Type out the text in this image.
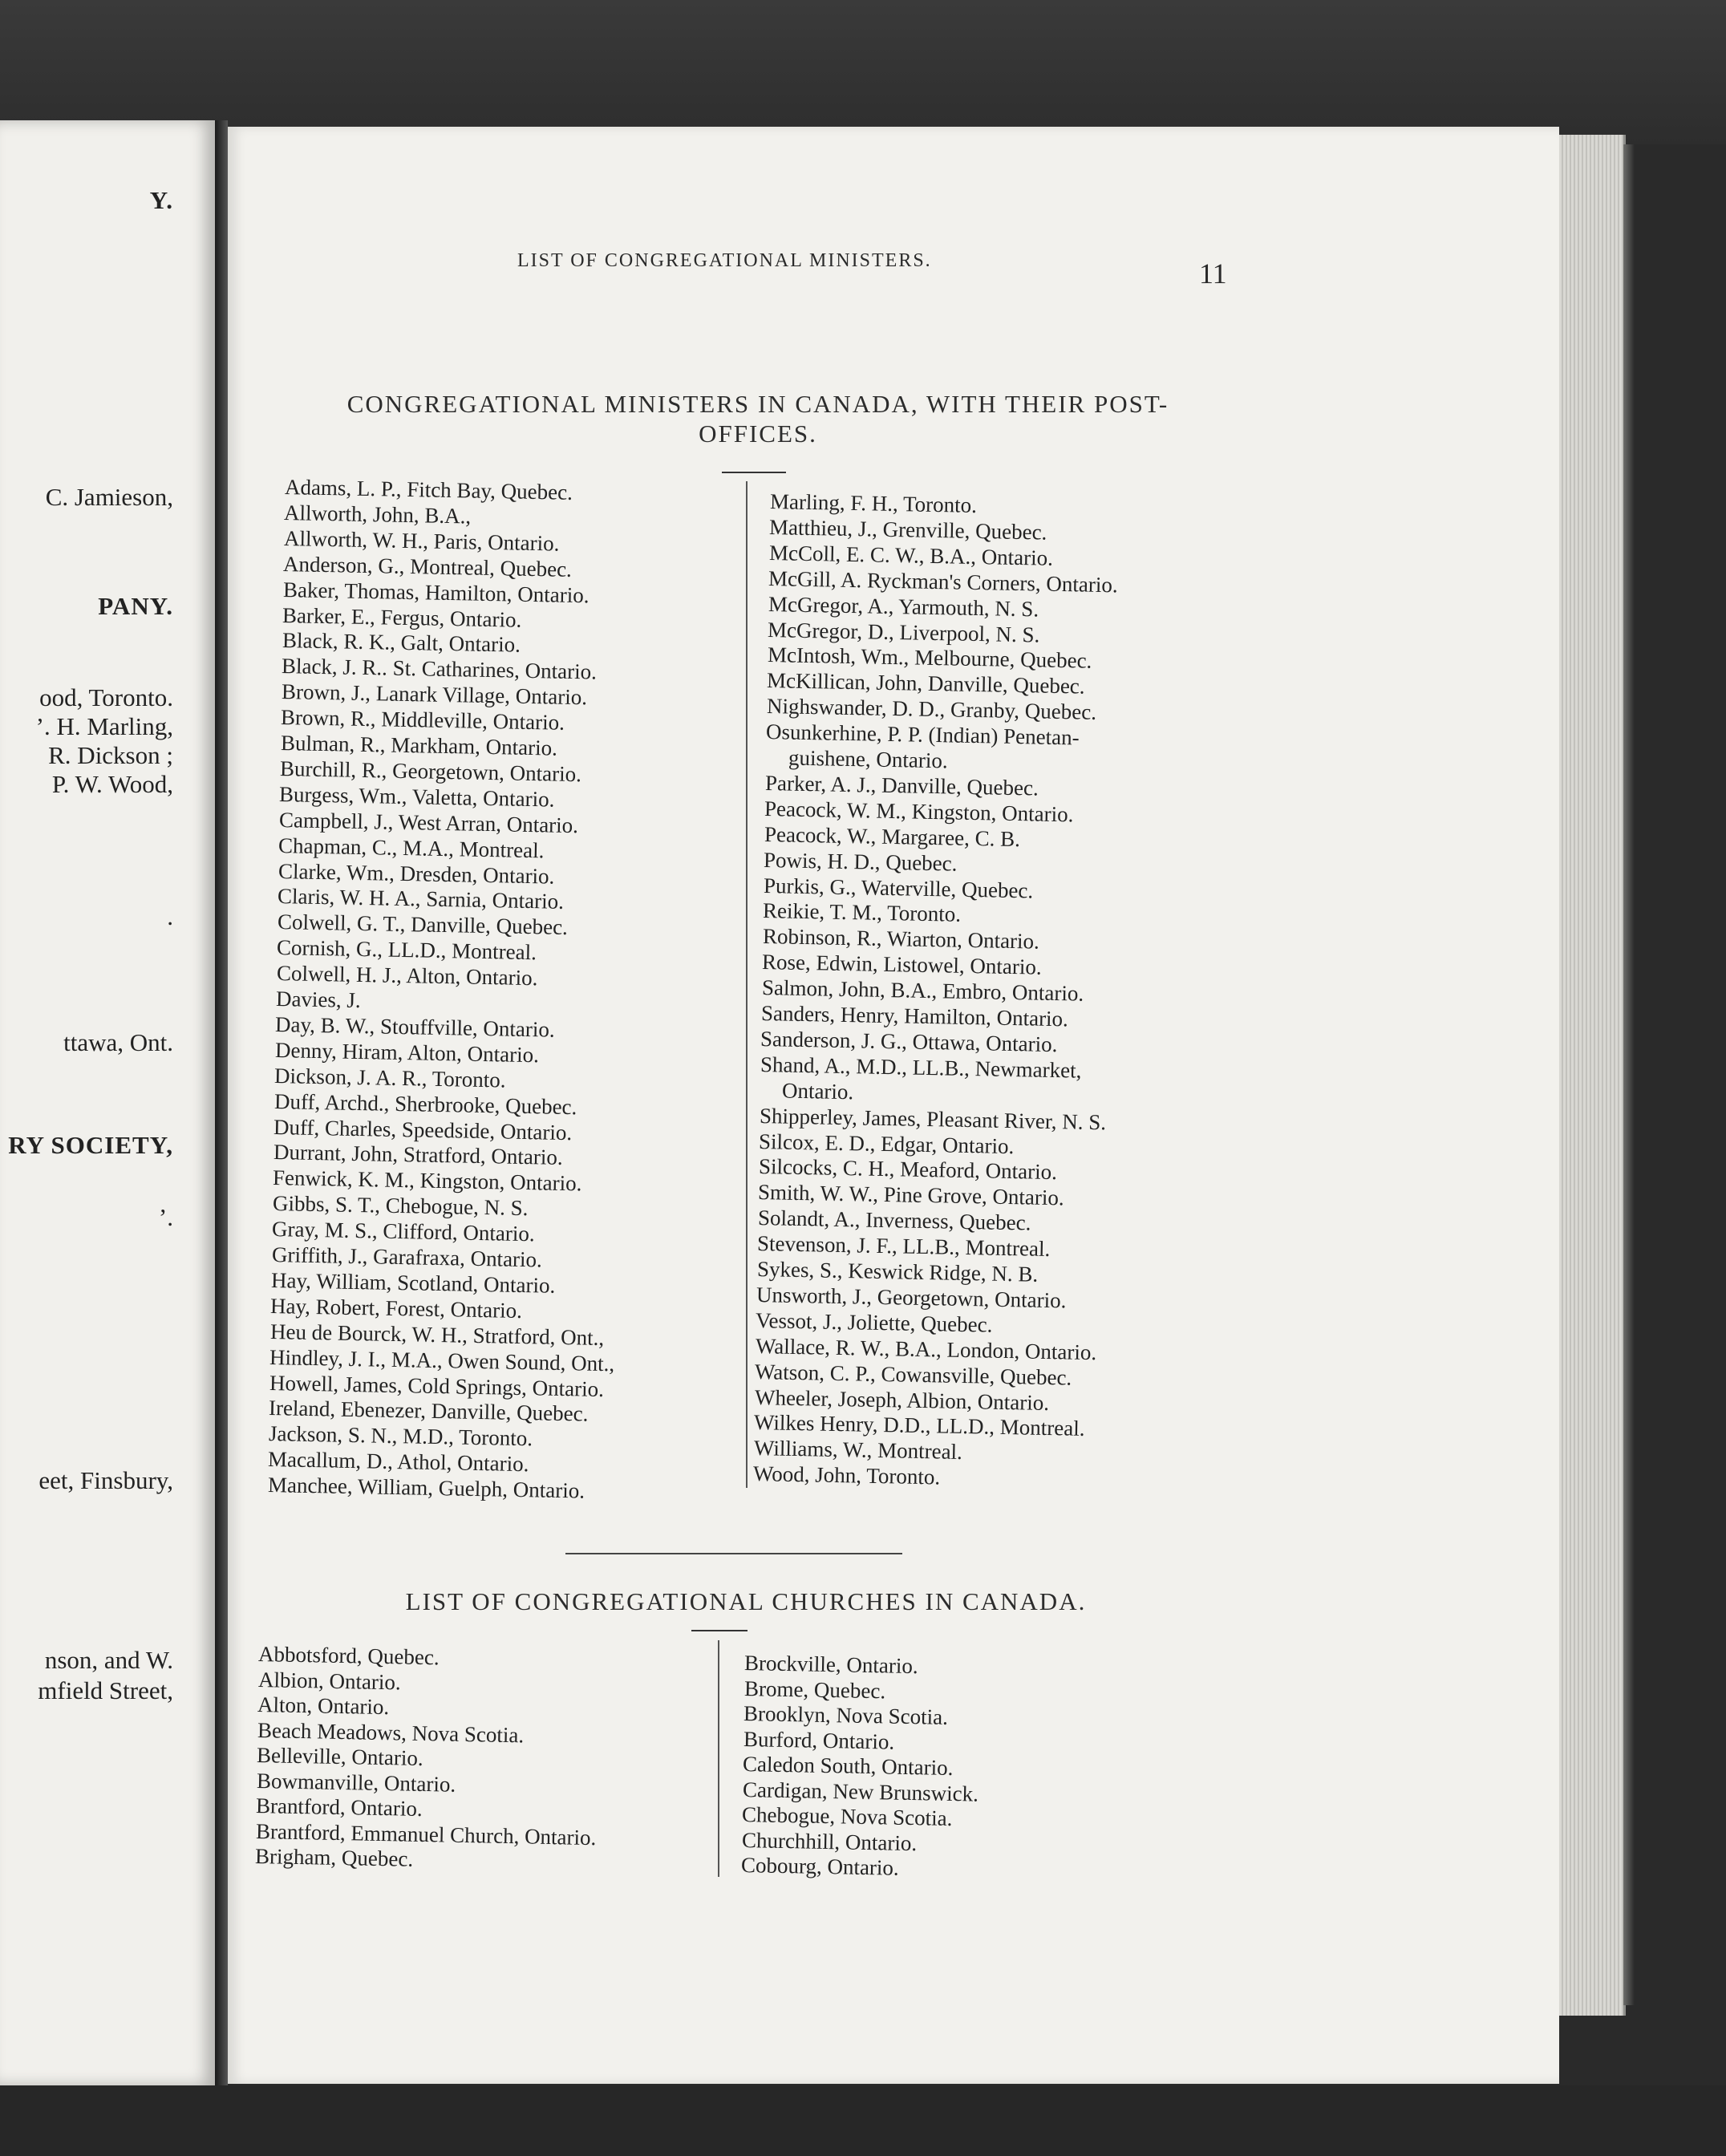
Y.
C. Jamieson,
PANY.
ood, Toronto.
’. H. Marling,
R. Dickson ;
P. W. Wood,
.
ttawa, Ont.
RY SOCIETY,
’.
eet, Finsbury,
nson, and W.
mfield Street,
LIST OF CONGREGATIONAL MINISTERS.	11
CONGREGATIONAL MINISTERS IN CANADA, WITH THEIR POST-
OFFICES.
LIST OF CONGREGATIONAL CHURCHES IN CANADA.
Adams, L. P., Fitch Bay, Quebec.
Allworth, John, B.A.,
Allworth, W. H., Paris, Ontario.
Anderson, G., Montreal, Quebec.
Baker, Thomas, Hamilton, Ontario.
Barker, E., Fergus, Ontario.
Black, R. K., Galt, Ontario.
Black, J. R.. St. Catharines, Ontario.
Brown, J., Lanark Village, Ontario.
Brown, R., Middleville, Ontario.
Bulman, R., Markham, Ontario.
Burchill, R., Georgetown, Ontario.
Burgess, Wm., Valetta, Ontario.
Campbell, J., West Arran, Ontario.
Chapman, C., M.A., Montreal.
Clarke, Wm., Dresden, Ontario.
Claris, W. H. A., Sarnia, Ontario.
Colwell, G. T., Danville, Quebec.
Cornish, G., LL.D., Montreal.
Colwell, H. J., Alton, Ontario.
Davies, J.
Day, B. W., Stouffville, Ontario.
Denny, Hiram, Alton, Ontario.
Dickson, J. A. R., Toronto.
Duff, Archd., Sherbrooke, Quebec.
Duff, Charles, Speedside, Ontario.
Durrant, John, Stratford, Ontario.
Fenwick, K. M., Kingston, Ontario.
Gibbs, S. T., Chebogue, N. S.
Gray, M. S., Clifford, Ontario.
Griffith, J., Garafraxa, Ontario.
Hay, William, Scotland, Ontario.
Hay, Robert, Forest, Ontario.
Heu de Bourck, W. H., Stratford, Ont.,
Hindley, J. I., M.A., Owen Sound, Ont.,
Howell, James, Cold Springs, Ontario.
Ireland, Ebenezer, Danville, Quebec.
Jackson, S. N., M.D., Toronto.
Macallum, D., Athol, Ontario.
Manchee, William, Guelph, Ontario.
Marling, F. H., Toronto.
Matthieu, J., Grenville, Quebec.
McColl, E. C. W., B.A., Ontario.
McGill, A. Ryckman's Corners, Ontario.
McGregor, A., Yarmouth, N. S.
McGregor, D., Liverpool, N. S.
McIntosh, Wm., Melbourne, Quebec.
McKillican, John, Danville, Quebec.
Nighswander, D. D., Granby, Quebec.
Osunkerhine, P. P. (Indian) Penetan-
guishene, Ontario.
Parker, A. J., Danville, Quebec.
Peacock, W. M., Kingston, Ontario.
Peacock, W., Margaree, C. B.
Powis, H. D., Quebec.
Purkis, G., Waterville, Quebec.
Reikie, T. M., Toronto.
Robinson, R., Wiarton, Ontario.
Rose, Edwin, Listowel, Ontario.
Salmon, John, B.A., Embro, Ontario.
Sanders, Henry, Hamilton, Ontario.
Sanderson, J. G., Ottawa, Ontario.
Shand, A., M.D., LL.B., Newmarket,
Ontario.
Shipperley, James, Pleasant River, N. S.
Silcox, E. D., Edgar, Ontario.
Silcocks, C. H., Meaford, Ontario.
Smith, W. W., Pine Grove, Ontario.
Solandt, A., Inverness, Quebec.
Stevenson, J. F., LL.B., Montreal.
Sykes, S., Keswick Ridge, N. B.
Unsworth, J., Georgetown, Ontario.
Vessot, J., Joliette, Quebec.
Wallace, R. W., B.A., London, Ontario.
Watson, C. P., Cowansville, Quebec.
Wheeler, Joseph, Albion, Ontario.
Wilkes Henry, D.D., LL.D., Montreal.
Williams, W., Montreal.
Wood, John, Toronto.
Abbotsford, Quebec.
Albion, Ontario.
Alton, Ontario.
Beach Meadows, Nova Scotia.
Belleville, Ontario.
Bowmanville, Ontario.
Brantford, Ontario.
Brantford, Emmanuel Church, Ontario.
Brigham, Quebec.
Brockville, Ontario.
Brome, Quebec.
Brooklyn, Nova Scotia.
Burford, Ontario.
Caledon South, Ontario.
Cardigan, New Brunswick.
Chebogue, Nova Scotia.
Churchhill, Ontario.
Cobourg, Ontario.
